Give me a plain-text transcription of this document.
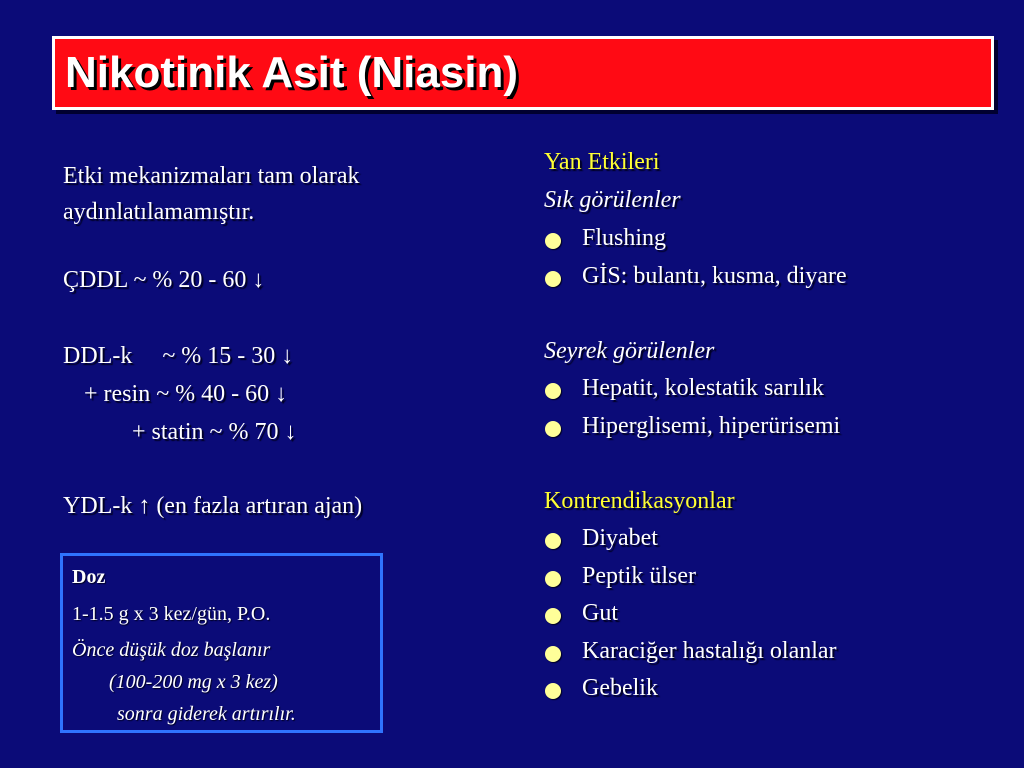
Nikotinik Asit (Niasin)
Etki mekanizmaları tam olarak
aydınlatılamamıştır.
ÇDDL ~ % 20 - 60 ↓
DDL-k     ~ % 15 - 30 ↓
+ resin ~ % 40 - 60 ↓
+ statin ~ % 70 ↓
YDL-k ↑ (en fazla artıran ajan)
Doz
1-1.5 g x 3 kez/gün, P.O.
Önce düşük doz başlanır
(100-200 mg x 3 kez)
sonra giderek artırılır.
Yan Etkileri
Sık görülenler
Flushing
GİS: bulantı, kusma, diyare
Seyrek görülenler
Hepatit, kolestatik sarılık
Hiperglisemi, hiperürisemi
Kontrendikasyonlar
Diyabet
Peptik ülser
Gut
Karaciğer hastalığı olanlar
Gebelik
